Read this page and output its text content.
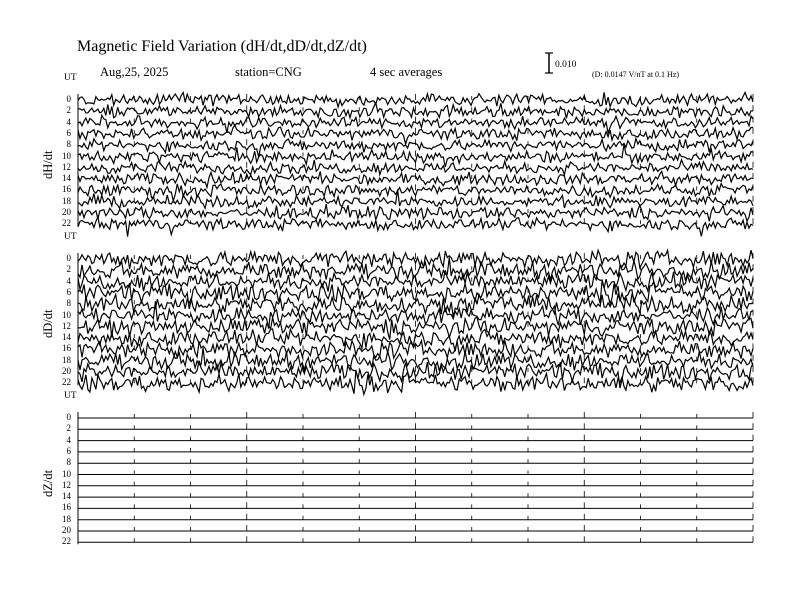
Magnetic Field Variation (dH/dt,dD/dt,dZ/dt)
Aug,25, 2025	station=CNG	4 sec averages	0.010
(D: 0.0147 V/nT at 0.1 Hz)
UT
dH/dt
0
2
4
6
8
10
12
14
16
18
20
22
UT
dD/dt
0
2
4
6
8
10
12
14
16
18
20
22
UT
dZ/dt
0
2
4
6
8
10
12
14
16
18
20
22
